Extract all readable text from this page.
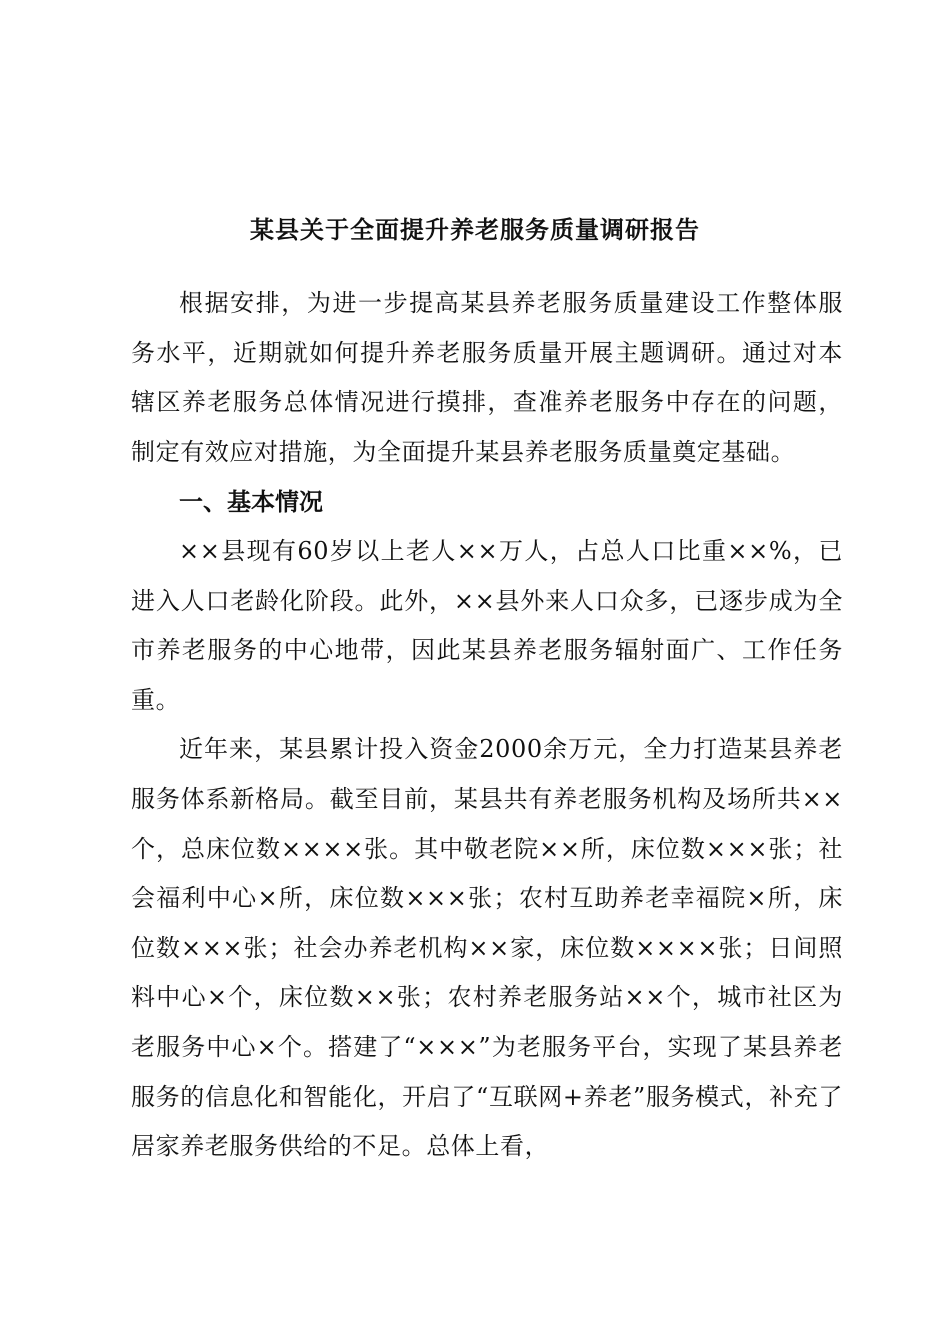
某县关于全面提升养老服务质量调研报告

根据安排，为进一步提高某县养老服务质量建设工作整体服务水平，近期就如何提升养老服务质量开展主题调研。通过对本辖区养老服务总体情况进行摸排，查准养老服务中存在的问题，制定有效应对措施，为全面提升某县养老服务质量奠定基础。

一、基本情况

××县现有60岁以上老人××万人，占总人口比重××%，已进入人口老龄化阶段。此外，××县外来人口众多，已逐步成为全市养老服务的中心地带，因此某县养老服务辐射面广、工作任务重。

近年来，某县累计投入资金2000余万元，全力打造某县养老服务体系新格局。截至目前，某县共有养老服务机构及场所共××个，总床位数××××张。其中敬老院××所，床位数×××张；社会福利中心×所，床位数×××张；农村互助养老幸福院×所，床位数×××张；社会办养老机构××家，床位数××××张；日间照料中心×个，床位数××张；农村养老服务站××个，城市社区为老服务中心×个。搭建了“×××”为老服务平台，实现了某县养老服务的信息化和智能化，开启了“互联网+养老”服务模式，补充了居家养老服务供给的不足。总体上看，
